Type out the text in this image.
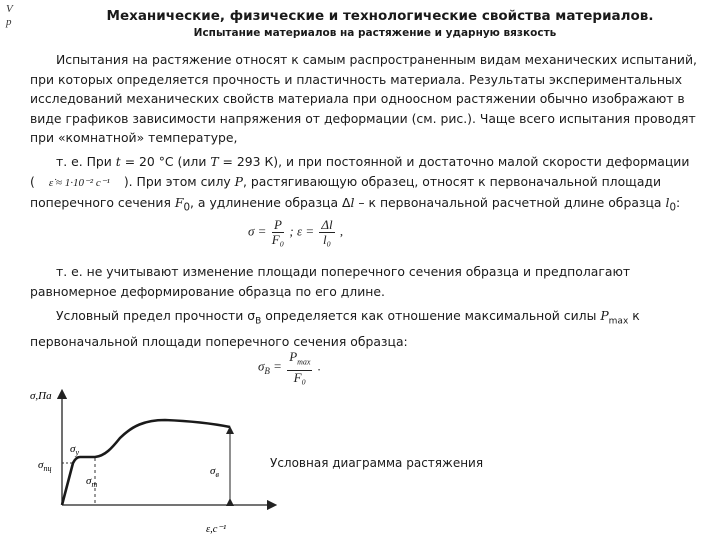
V
p	Механические, физические и технологические свойства материалов.
Испытание материалов на растяжение и ударную вязкость
Испытания на растяжение относят к самым распространенным видам механических испытаний, при которых определяется прочность и пластичность материала. Результаты экспериментальных исследований механических свойств материала при одноосном растяжении обычно изображают в виде графиков зависимости напряжения от деформации (см. рис.). Чаще всего испытания проводят при «комнатной» температуре,
т. е. При t = 20 °C (или T = 293 К), и при постоянной и достаточно малой скорости деформации ( ε̇ ≈ 1·10⁻² c⁻¹ ). При этом силу P, растягивающую образец, относят к первоначальной площади поперечного сечения $F_0$, а удлинение образца Δl – к первоначальной расчетной длине образца $l_0$:
$\sigma = \frac{P}{\text{F₀}}$ ; $\varepsilon = \frac{\Delta l}{\text{l₀}}$ ,
т. е. не учитывают изменение площади поперечного сечения образца и предполагают равномерное деформирование образца по его длине.
Условный предел прочности $\sigma_B$ определяется как отношение максимальной силы $P_{max}$ к первоначальной площади поперечного сечения образца:
$\sigma_B = \frac{P_{max}}{\text{F₀}}$ .
σ,Па
ε,c⁻¹
$\sigma_у$
$\sigma_{пц}$
$\sigma_т$
$\sigma_в$
Условная диаграмма растяжения
